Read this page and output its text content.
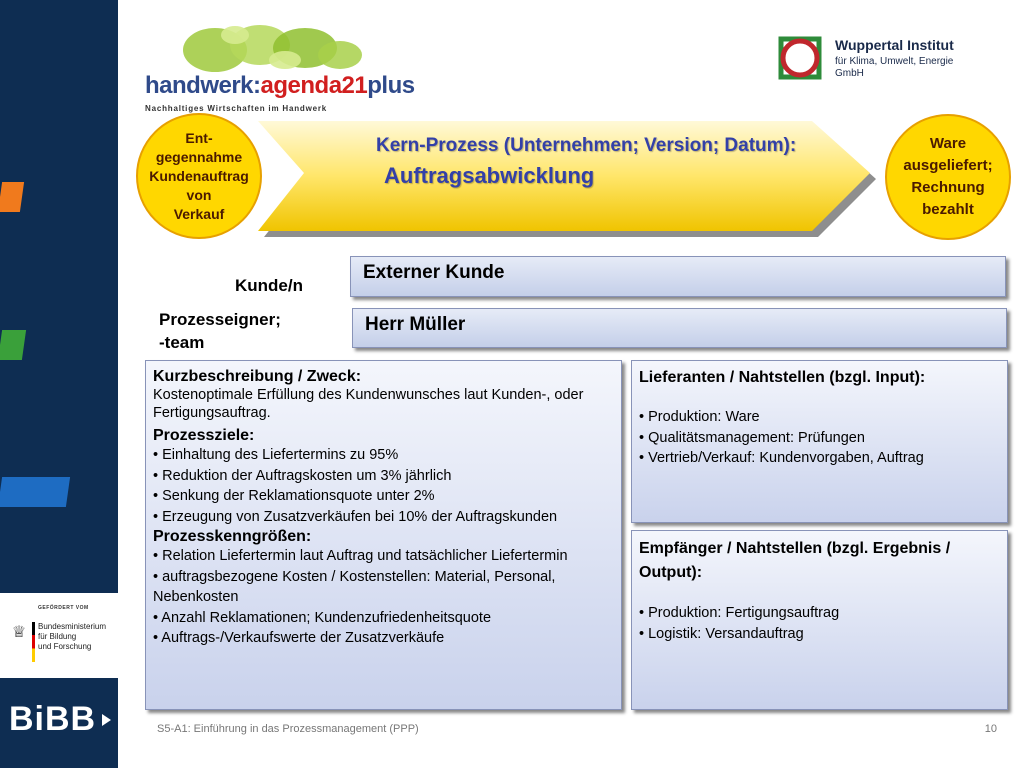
GEFÖRDERT VOM
♕ Bundesministerium
für Bildung
und Forschung
BiBB
handwerk:agenda21plus
Nachhaltiges Wirtschaften im Handwerk
Wuppertal Institut
für Klima, Umwelt, Energie
GmbH
Kern-Prozess (Unternehmen; Version; Datum):
Auftragsabwicklung
Ent-
gegennahme
Kundenauftrag
von
Verkauf
Ware
ausgeliefert;
Rechnung
bezahlt
Kunde/n
Externer Kunde
Prozesseigner;
-team
Herr Müller
Kurzbeschreibung / Zweck:
Kostenoptimale Erfüllung des Kundenwunsches laut Kunden-, oder Fertigungsauftrag.
Prozessziele:
• Einhaltung des Liefertermins zu 95%
• Reduktion der Auftragskosten um 3% jährlich
• Senkung der Reklamationsquote unter 2%
• Erzeugung von Zusatzverkäufen bei 10% der Auftragskunden
Prozesskenngrößen:
• Relation Liefertermin laut Auftrag und tatsächlicher Liefertermin
• auftragsbezogene Kosten / Kostenstellen: Material, Personal, Nebenkosten
• Anzahl Reklamationen; Kundenzufriedenheitsquote
• Auftrags-/Verkaufswerte der Zusatzverkäufe
Lieferanten / Nahtstellen (bzgl. Input):
• Produktion: Ware
• Qualitätsmanagement: Prüfungen
• Vertrieb/Verkauf: Kundenvorgaben, Auftrag
Empfänger / Nahtstellen (bzgl. Ergebnis / Output):
• Produktion: Fertigungsauftrag
• Logistik: Versandauftrag
S5-A1: Einführung in das Prozessmanagement (PPP)	10
